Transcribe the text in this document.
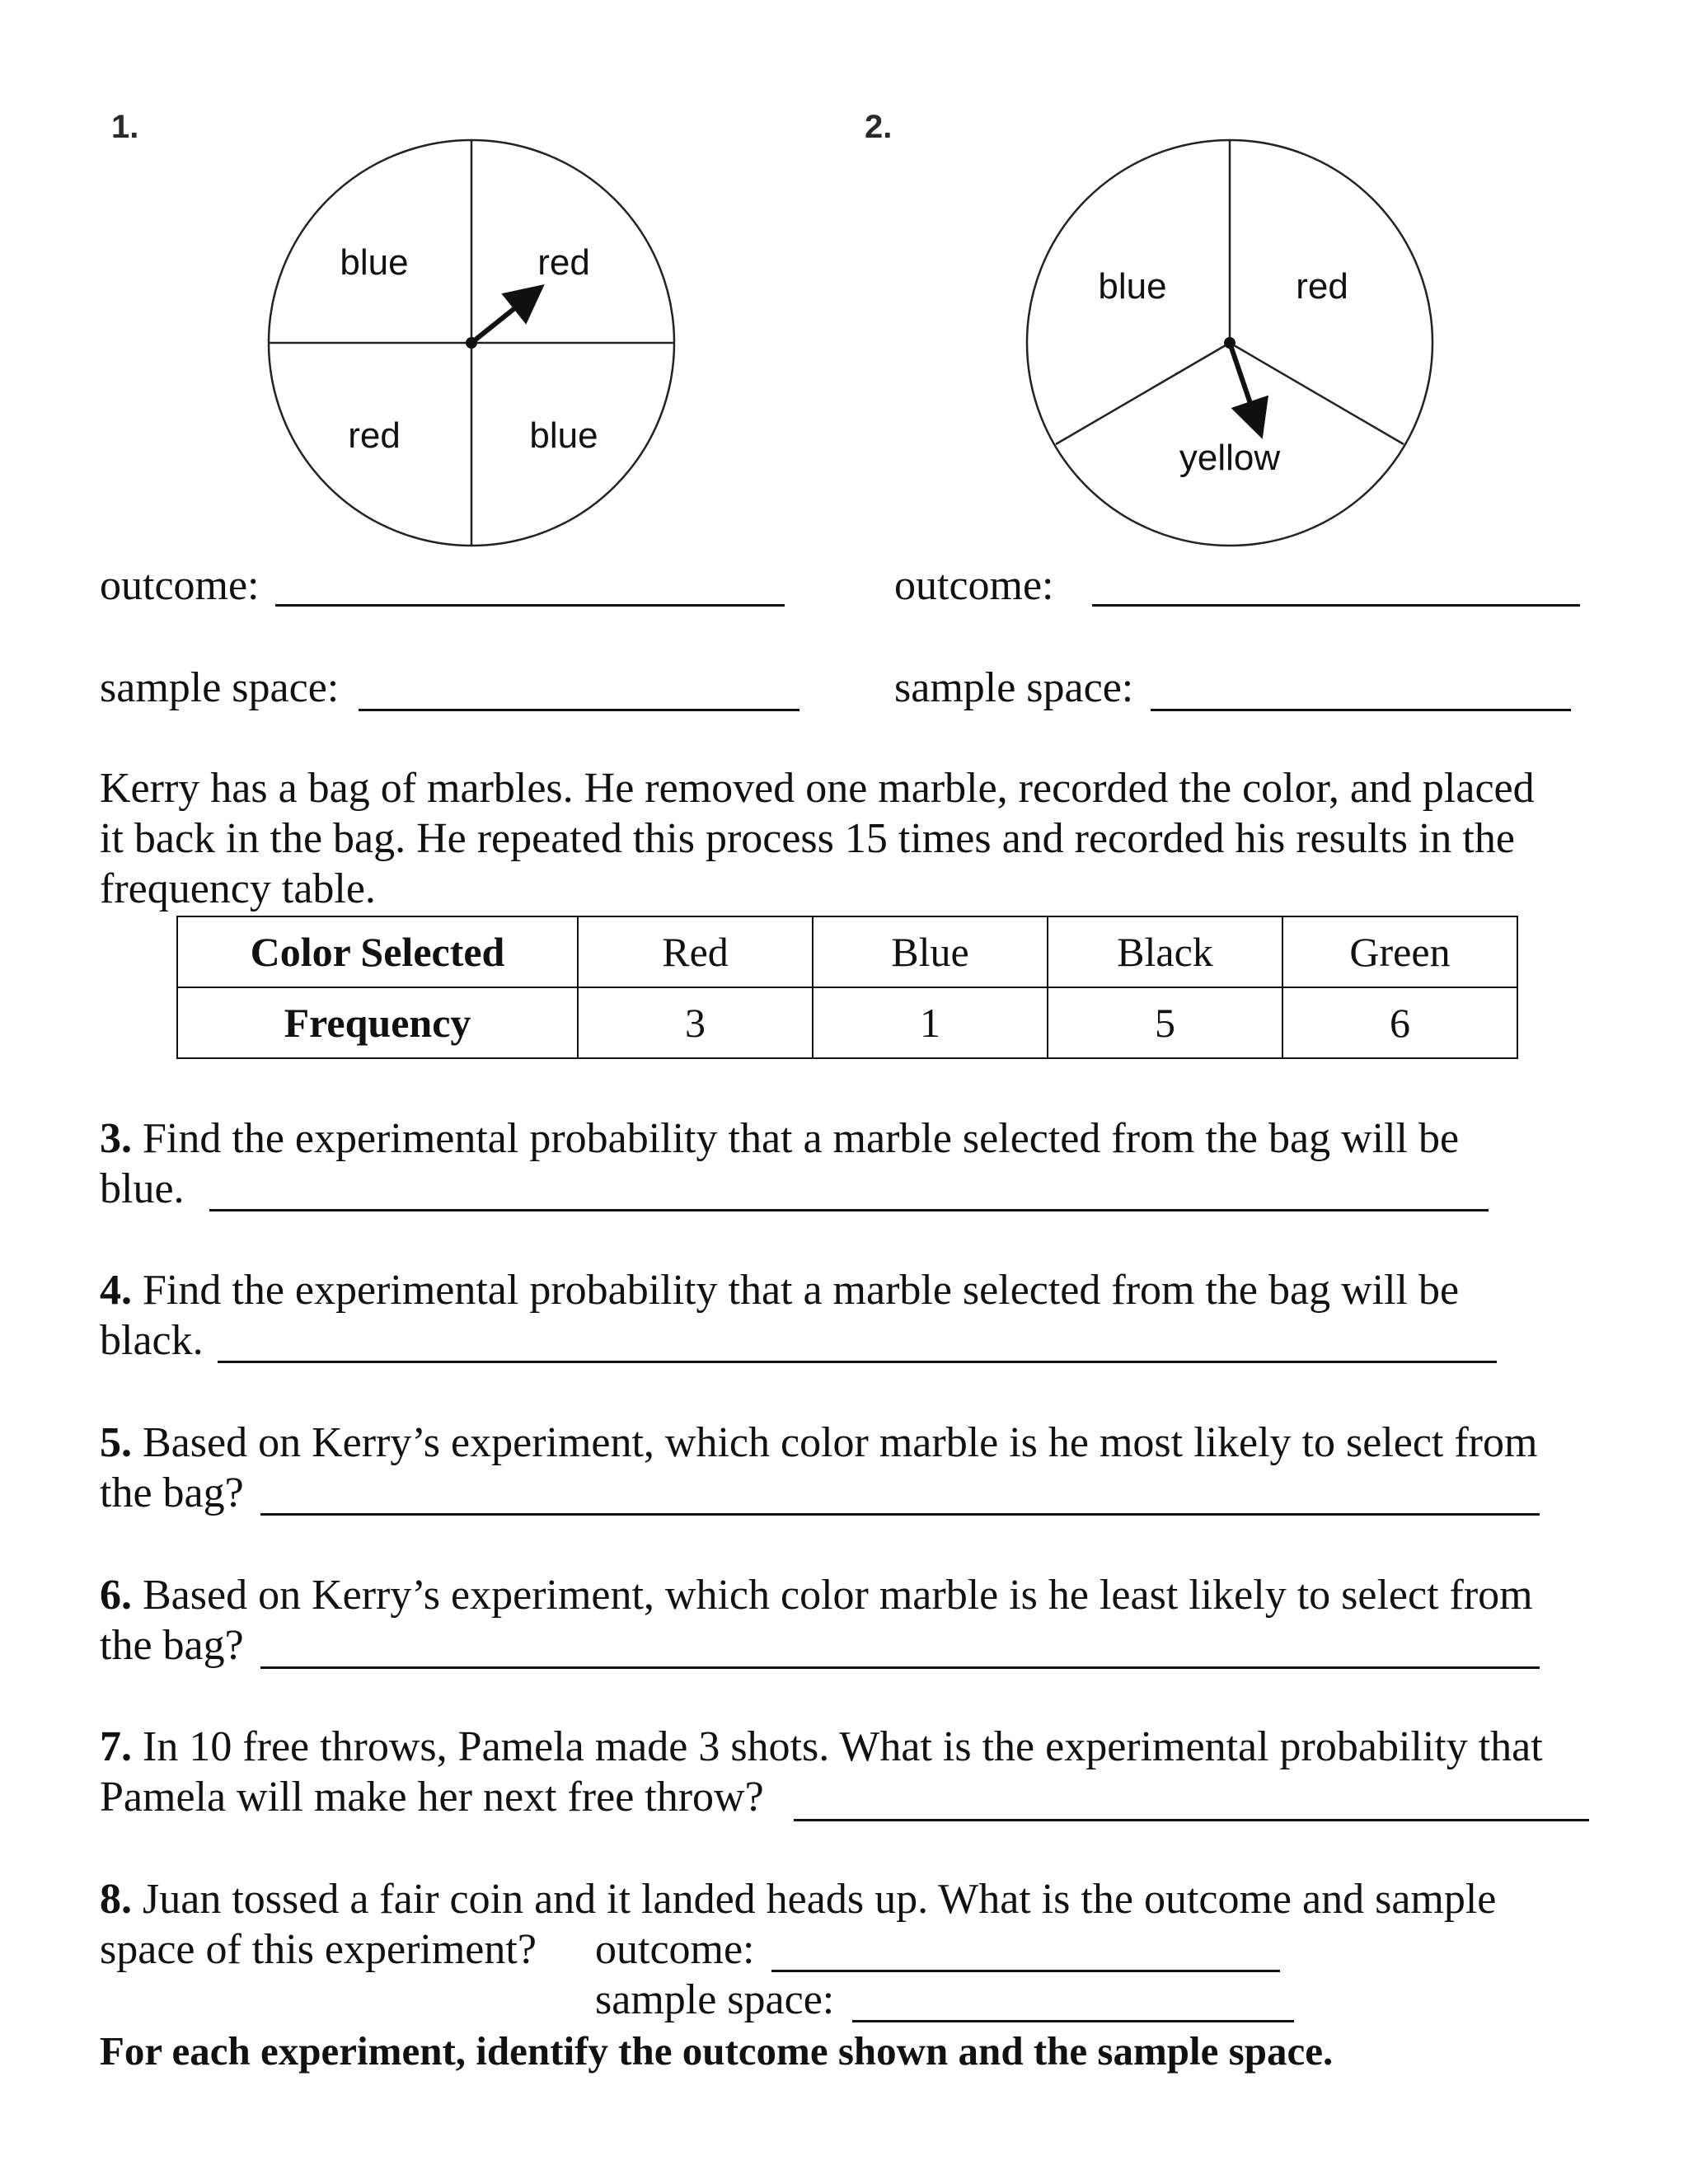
1.	2.
blue	red
red	blue
blue	red
yellow
outcome:	outcome:
sample space:	sample space:
Kerry has a bag of marbles. He removed one marble, recorded the color, and placed
it back in the bag. He repeated this process 15 times and recorded his results in the
frequency table.
Color Selected	Red	Blue	Black	Green
Frequency	3	1	5	6
3. Find the experimental probability that a marble selected from the bag will be
blue.
4. Find the experimental probability that a marble selected from the bag will be
black.
5. Based on Kerry’s experiment, which color marble is he most likely to select from
the bag?
6. Based on Kerry’s experiment, which color marble is he least likely to select from
the bag?
7. In 10 free throws, Pamela made 3 shots. What is the experimental probability that
Pamela will make her next free throw?
8. Juan tossed a fair coin and it landed heads up. What is the outcome and sample
space of this experiment?	outcome:
sample space:
For each experiment, identify the outcome shown and the sample space.
